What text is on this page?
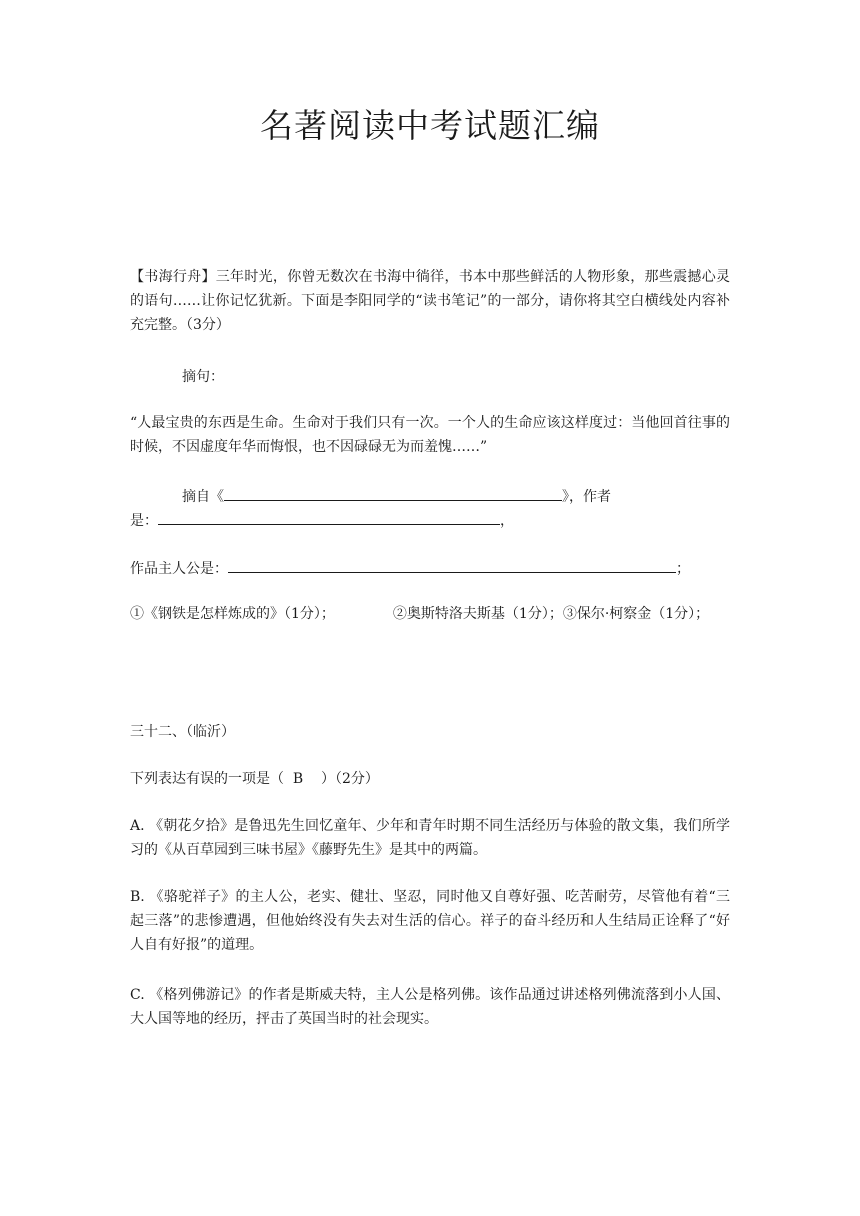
名著阅读中考试题汇编

【书海行舟】三年时光，你曾无数次在书海中徜徉，书本中那些鲜活的人物形象，那些震撼心灵的语句……让你记忆犹新。下面是李阳同学的“读书笔记”的一部分，请你将其空白横线处内容补充完整。（3分）

摘句：

“人最宝贵的东西是生命。生命对于我们只有一次。一个人的生命应该这样度过：当他回首往事的时候，不因虚度年华而悔恨，也不因碌碌无为而羞愧……”

摘自《	》，作者

是：	，

作品主人公是：	；

①《钢铁是怎样炼成的》（1分）；	②奥斯特洛夫斯基（1分）；③保尔·柯察金（1分）；

三十二、（临沂）

下列表达有误的一项是（  B    ）（2分）

A. 《朝花夕拾》是鲁迅先生回忆童年、少年和青年时期不同生活经历与体验的散文集，我们所学习的《从百草园到三味书屋》《藤野先生》是其中的两篇。

B. 《骆驼祥子》的主人公，老实、健壮、坚忍，同时他又自尊好强、吃苦耐劳，尽管他有着“三起三落”的悲惨遭遇，但他始终没有失去对生活的信心。祥子的奋斗经历和人生结局正诠释了“好人自有好报”的道理。

C. 《格列佛游记》的作者是斯威夫特，主人公是格列佛。该作品通过讲述格列佛流落到小人国、大人国等地的经历，抨击了英国当时的社会现实。
